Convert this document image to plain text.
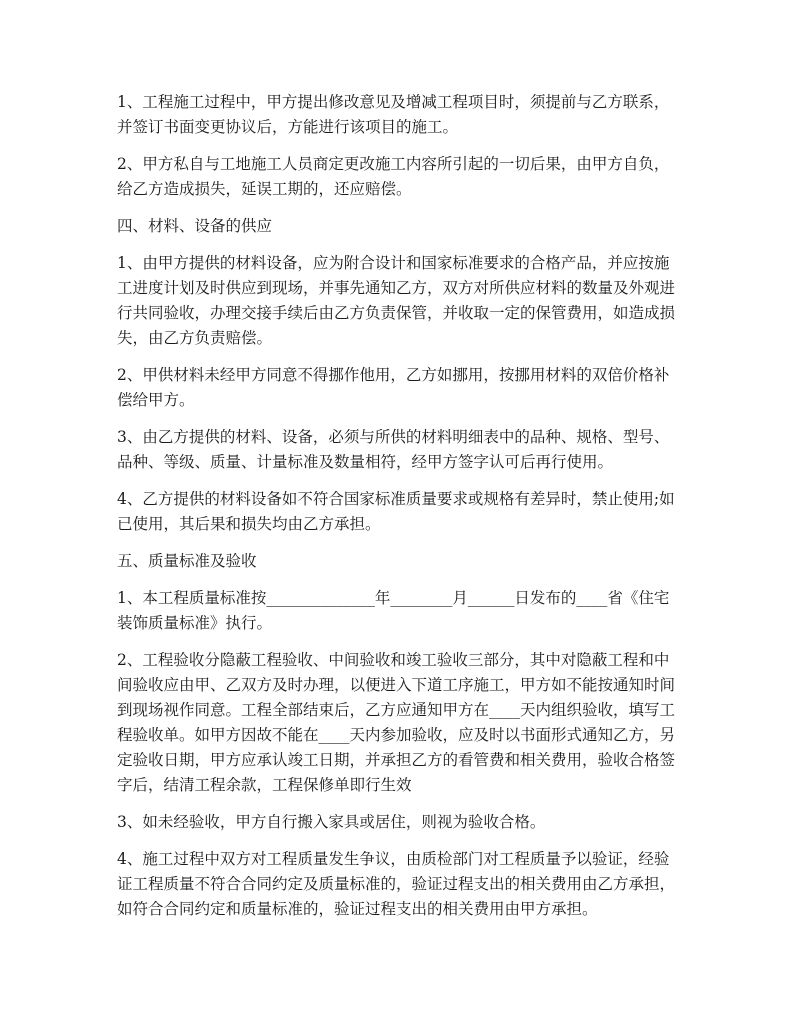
1、工程施工过程中，甲方提出修改意见及增减工程项目时，须提前与乙方联系，
并签订书面变更协议后，方能进行该项目的施工。

2、甲方私自与工地施工人员商定更改施工内容所引起的一切后果，由甲方自负，
给乙方造成损失，延误工期的，还应赔偿。

四、材料、设备的供应

1、由甲方提供的材料设备，应为附合设计和国家标准要求的合格产品，并应按施
工进度计划及时供应到现场，并事先通知乙方，双方对所供应材料的数量及外观进
行共同验收，办理交接手续后由乙方负责保管，并收取一定的保管费用，如造成损
失，由乙方负责赔偿。

2、甲供材料未经甲方同意不得挪作他用，乙方如挪用，按挪用材料的双倍价格补
偿给甲方。

3、由乙方提供的材料、设备，必须与所供的材料明细表中的品种、规格、型号、
品种、等级、质量、计量标准及数量相符，经甲方签字认可后再行使用。

4、乙方提供的材料设备如不符合国家标准质量要求或规格有差异时，禁止使用;如
已使用，其后果和损失均由乙方承担。

五、质量标准及验收

1、本工程质量标准按______________年________月______日发布的____省《住宅
装饰质量标准》执行。

2、工程验收分隐蔽工程验收、中间验收和竣工验收三部分，其中对隐蔽工程和中
间验收应由甲、乙双方及时办理，以便进入下道工序施工，甲方如不能按通知时间
到现场视作同意。工程全部结束后，乙方应通知甲方在____天内组织验收，填写工
程验收单。如甲方因故不能在____天内参加验收，应及时以书面形式通知乙方，另
定验收日期，甲方应承认竣工日期，并承担乙方的看管费和相关费用，验收合格签
字后，结清工程余款，工程保修单即行生效

3、如未经验收，甲方自行搬入家具或居住，则视为验收合格。

4、施工过程中双方对工程质量发生争议，由质检部门对工程质量予以验证，经验
证工程质量不符合合同约定及质量标准的，验证过程支出的相关费用由乙方承担，
如符合合同约定和质量标准的，验证过程支出的相关费用由甲方承担。
